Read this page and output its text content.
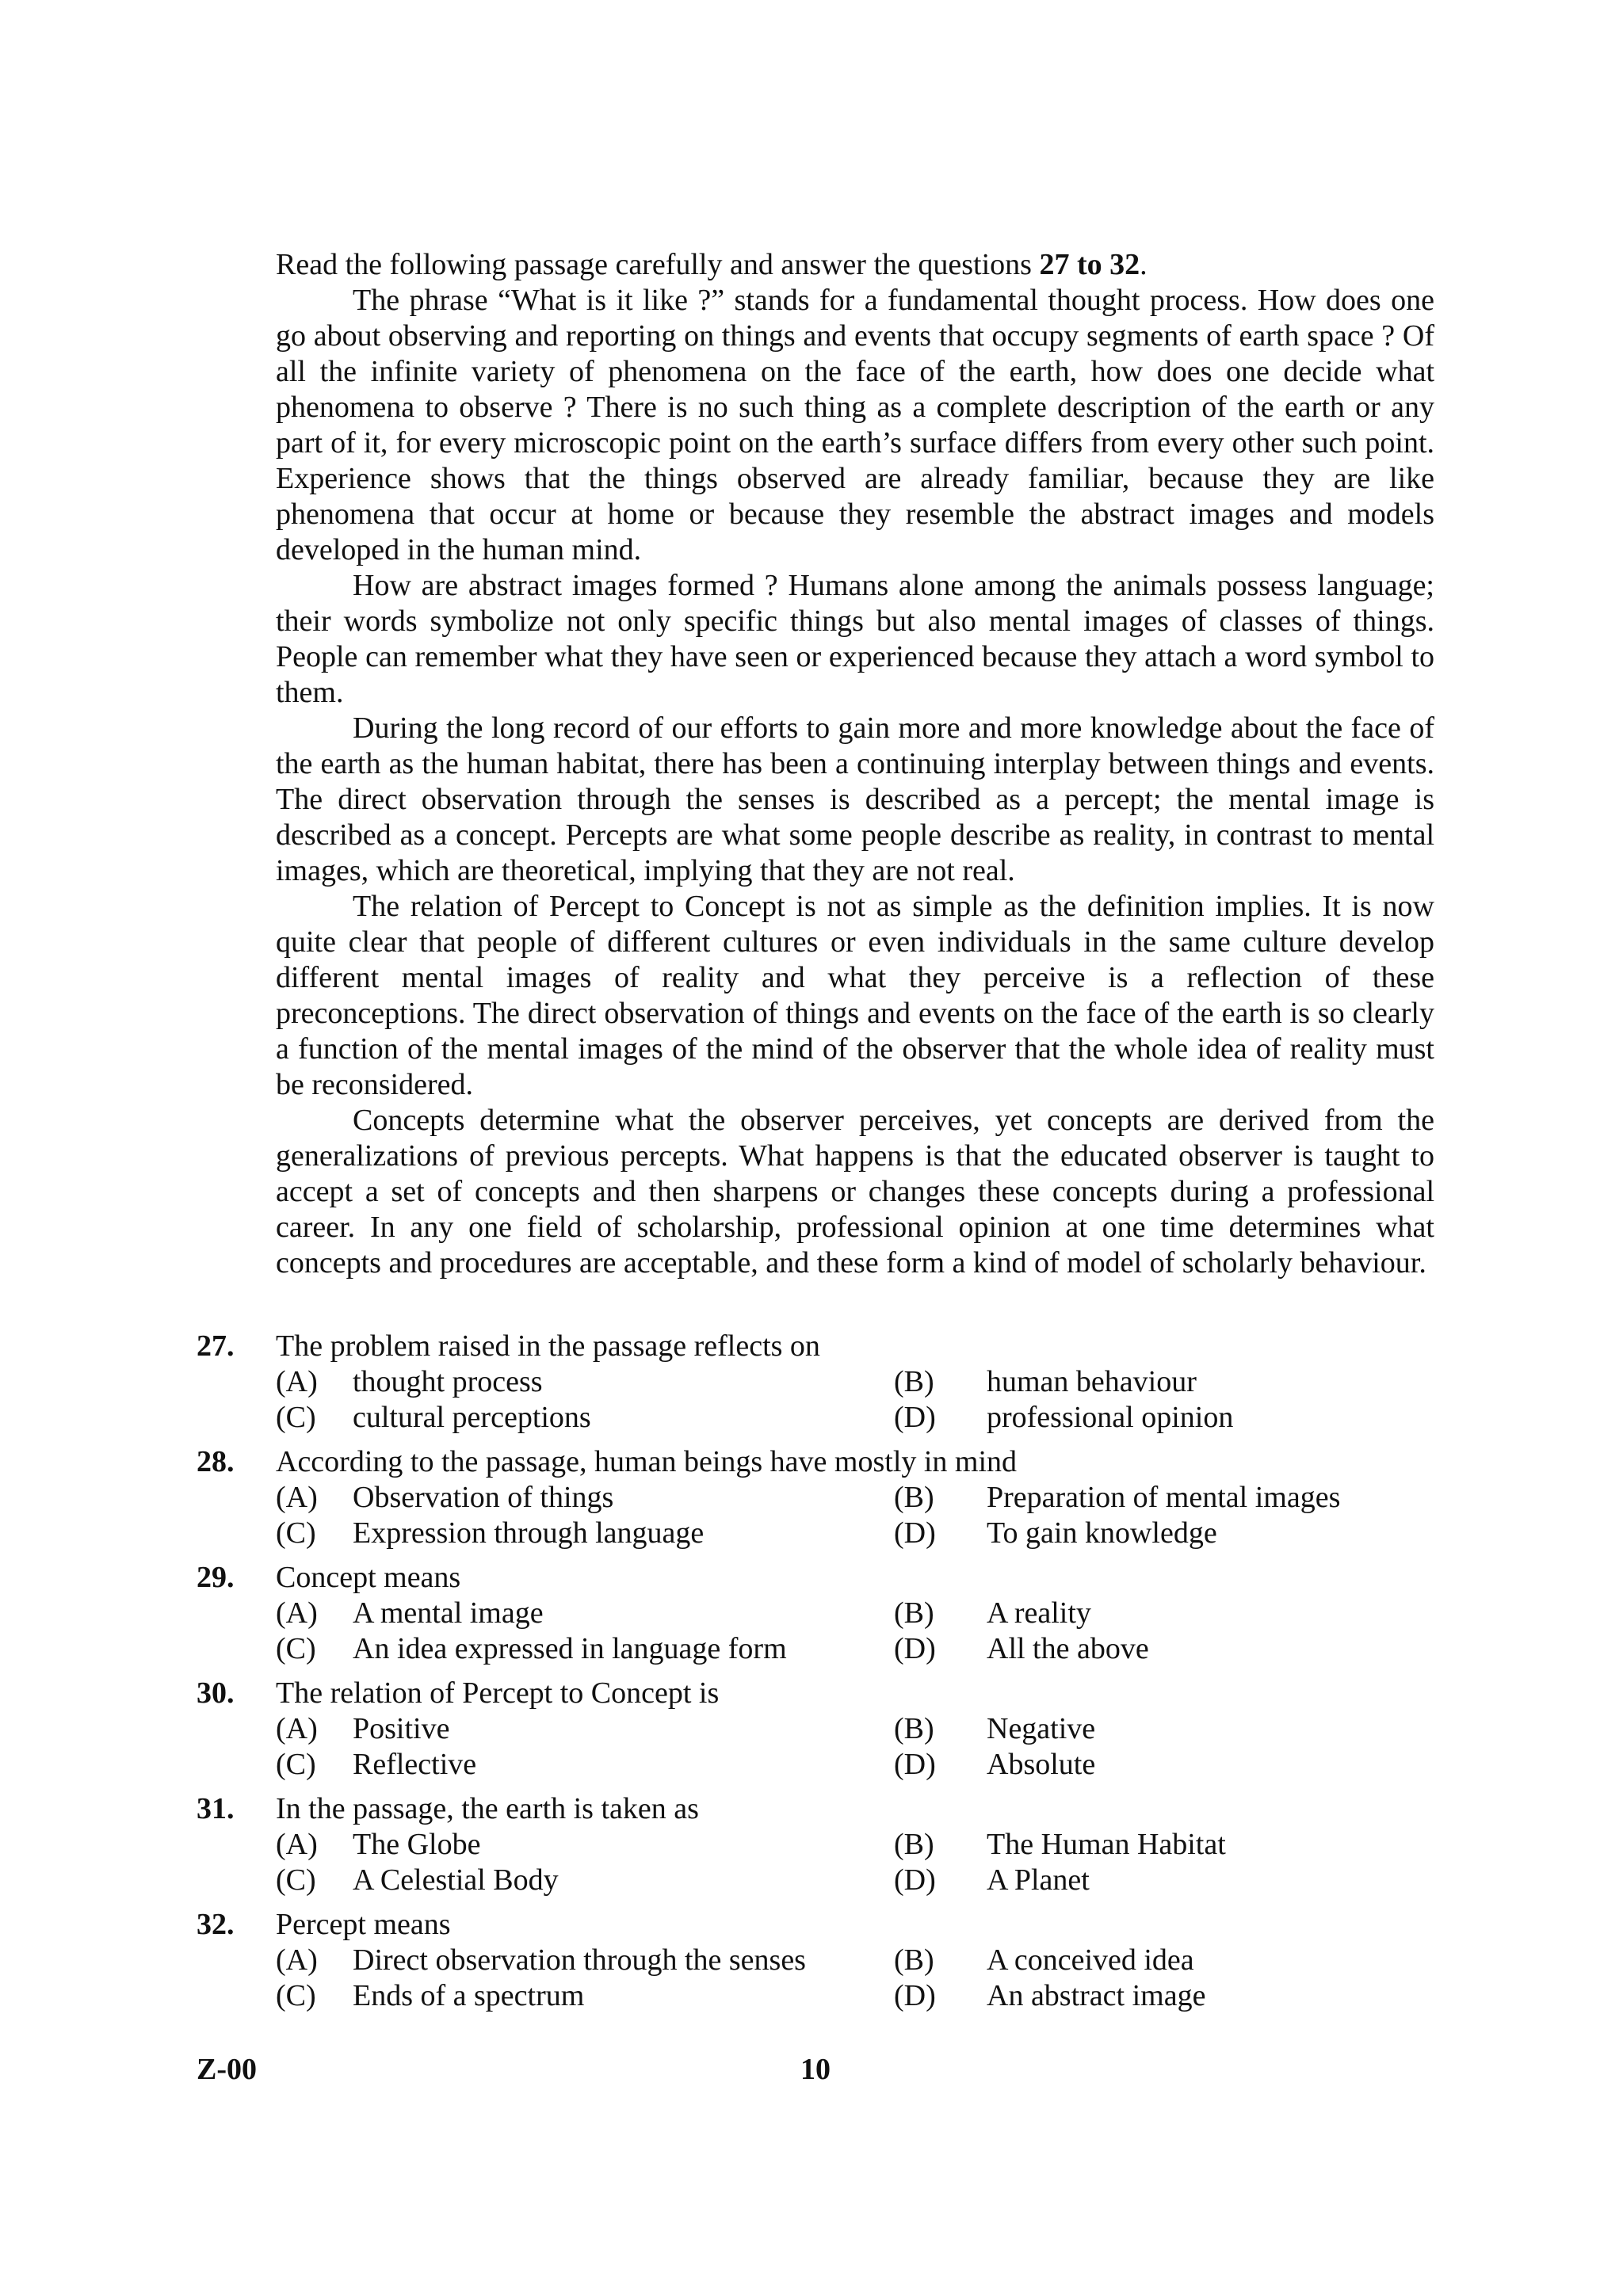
Read the following passage carefully and answer the questions 27 to 32.

The phrase “What is it like ?” stands for a fundamental thought process. How does one go about observing and reporting on things and events that occupy segments of earth space ? Of all the infinite variety of phenomena on the face of the earth, how does one decide what phenomena to observe ? There is no such thing as a complete description of the earth or any part of it, for every microscopic point on the earth’s surface differs from every other such point. Experience shows that the things observed are already familiar, because they are like phenomena that occur at home or because they resemble the abstract images and models developed in the human mind.

How are abstract images formed ? Humans alone among the animals possess language; their words symbolize not only specific things but also mental images of classes of things. People can remember what they have seen or experienced because they attach a word symbol to them.

During the long record of our efforts to gain more and more knowledge about the face of the earth as the human habitat, there has been a continuing interplay between things and events. The direct observation through the senses is described as a percept; the mental image is described as a concept. Percepts are what some people describe as reality, in contrast to mental images, which are theoretical, implying that they are not real.

The relation of Percept to Concept is not as simple as the definition implies. It is now quite clear that people of different cultures or even individuals in the same culture develop different mental images of reality and what they perceive is a reflection of these preconceptions. The direct observation of things and events on the face of the earth is so clearly a function of the mental images of the mind of the observer that the whole idea of reality must be reconsidered.

Concepts determine what the observer perceives, yet concepts are derived from the generalizations of previous percepts. What happens is that the educated observer is taught to accept a set of concepts and then sharpens or changes these concepts during a professional career. In any one field of scholarship, professional opinion at one time determines what concepts and procedures are acceptable, and these form a kind of model of scholarly behaviour.

27. The problem raised in the passage reflects on
(A) thought process	(B) human behaviour
(C) cultural perceptions	(D) professional opinion
28. According to the passage, human beings have mostly in mind
(A) Observation of things	(B) Preparation of mental images
(C) Expression through language	(D) To gain knowledge
29. Concept means
(A) A mental image	(B) A reality
(C) An idea expressed in language form	(D) All the above
30. The relation of Percept to Concept is
(A) Positive	(B) Negative
(C) Reflective	(D) Absolute
31. In the passage, the earth is taken as
(A) The Globe	(B) The Human Habitat
(C) A Celestial Body	(D) A Planet
32. Percept means
(A) Direct observation through the senses	(B) A conceived idea
(C) Ends of a spectrum	(D) An abstract image
Z-00	10
